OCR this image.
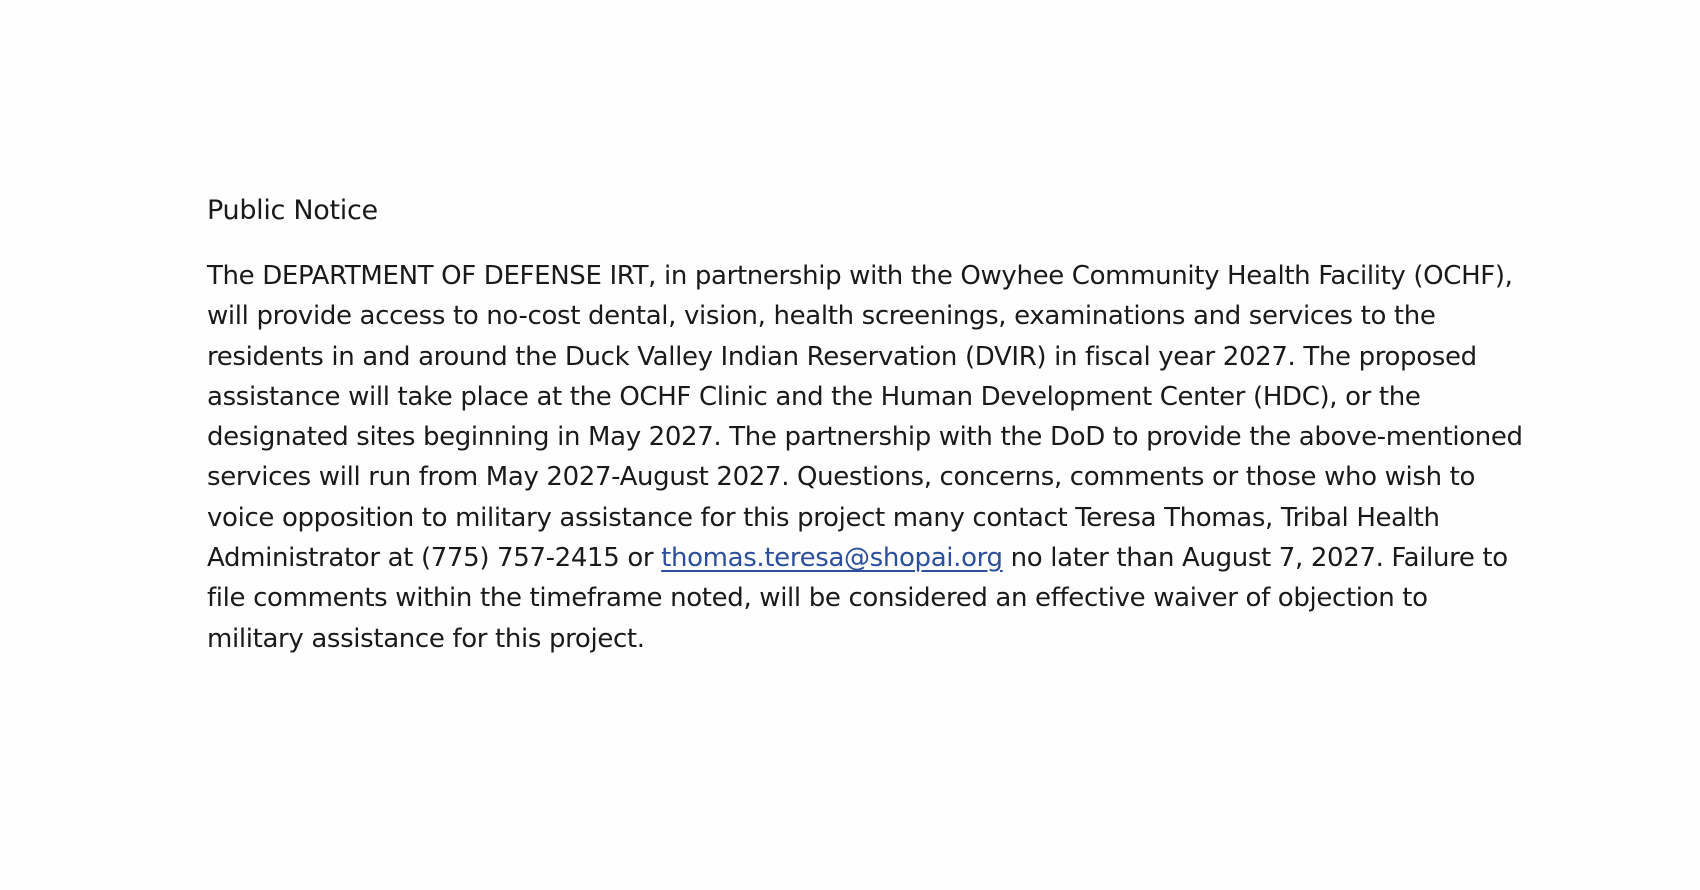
Public Notice
The DEPARTMENT OF DEFENSE IRT, in partnership with the Owyhee Community Health Facility (OCHF),
will provide access to no-cost dental, vision, health screenings, examinations and services to the
residents in and around the Duck Valley Indian Reservation (DVIR) in fiscal year 2027. The proposed
assistance will take place at the OCHF Clinic and the Human Development Center (HDC), or the
designated sites beginning in May 2027. The partnership with the DoD to provide the above-mentioned
services will run from May 2027-August 2027. Questions, concerns, comments or those who wish to
voice opposition to military assistance for this project many contact Teresa Thomas, Tribal Health
Administrator at (775) 757-2415 or thomas.teresa@shopai.org no later than August 7, 2027. Failure to
file comments within the timeframe noted, will be considered an effective waiver of objection to
military assistance for this project.
